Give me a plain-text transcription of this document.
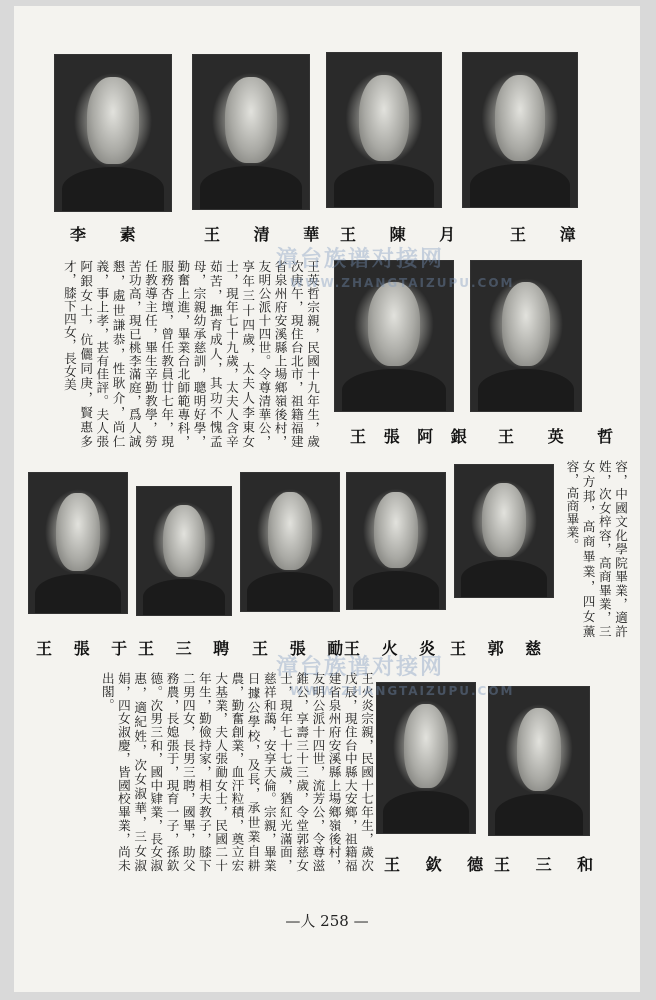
王 漳
王 陳 月
王 清 華
李 素
王 英 哲
王 張 阿 銀
王英哲宗親，民國十九年生，歲次庚午，現住台北市，祖籍福建省泉州府安溪縣上場鄉嶺後村，友明公派十四世。令尊清華公，享年三十四歲，太夫人李東女士，現年七十九歲，太夫人含辛茹苦，撫育成人，其功不愧孟母，宗親幼承慈訓，聰明好學，勤奮上進，畢業台北師範專科，服務杏壇，曾任教員廿七年，現任教導主任，畢生辛勤教學，勞苦功高，現已桃李滿庭，爲人誠懇，處世謙恭，性耿介，尚仁義，事上孝，甚有佳評。夫人張阿銀女士，伉儷同庚，賢惠多才，膝下四女，長女美
容，中國文化學院畢業，適許姓，次女梓容，高商畢業，三女方邦，高商畢業，四女薰容，高商畢業。
王 郭 慈
王 火 炎
王 張 勔
王 三 聘
王 張 于
王火炎宗親，民國十七年生，歲次戊辰，現住台中縣大安鄉，祖籍福建省泉州府安溪縣上場鄉嶺後村，友明公派十四世，流芳公，令尊滋錐公，享壽三十三歲，令堂郭慈女士，現年七十七歲，猶紅光滿面，慈祥和藹，安享天倫。宗親，畢業日據公學校，及長，承世業自耕農，勤奮創業，血汗粒積，奠立宏大基業，夫人張勔女士，民國二十年生，勤儉持家，相夫教子，膝下二男四女，長男三聘，國畢，助父務農，長媳張于，現育一子，孫欽德。次男三和，國中肄業，長女淑惠，適紀姓，次女淑華，三女淑娟，四女淑慶，皆國校畢業，尚未出閣。
王 三 和
王 欽 德
漳台族谱对接网
WWW.ZHANGTAIZUPU.COM
漳台族谱对接网
WWW.ZHANGTAIZUPU.COM
—人 258 —
